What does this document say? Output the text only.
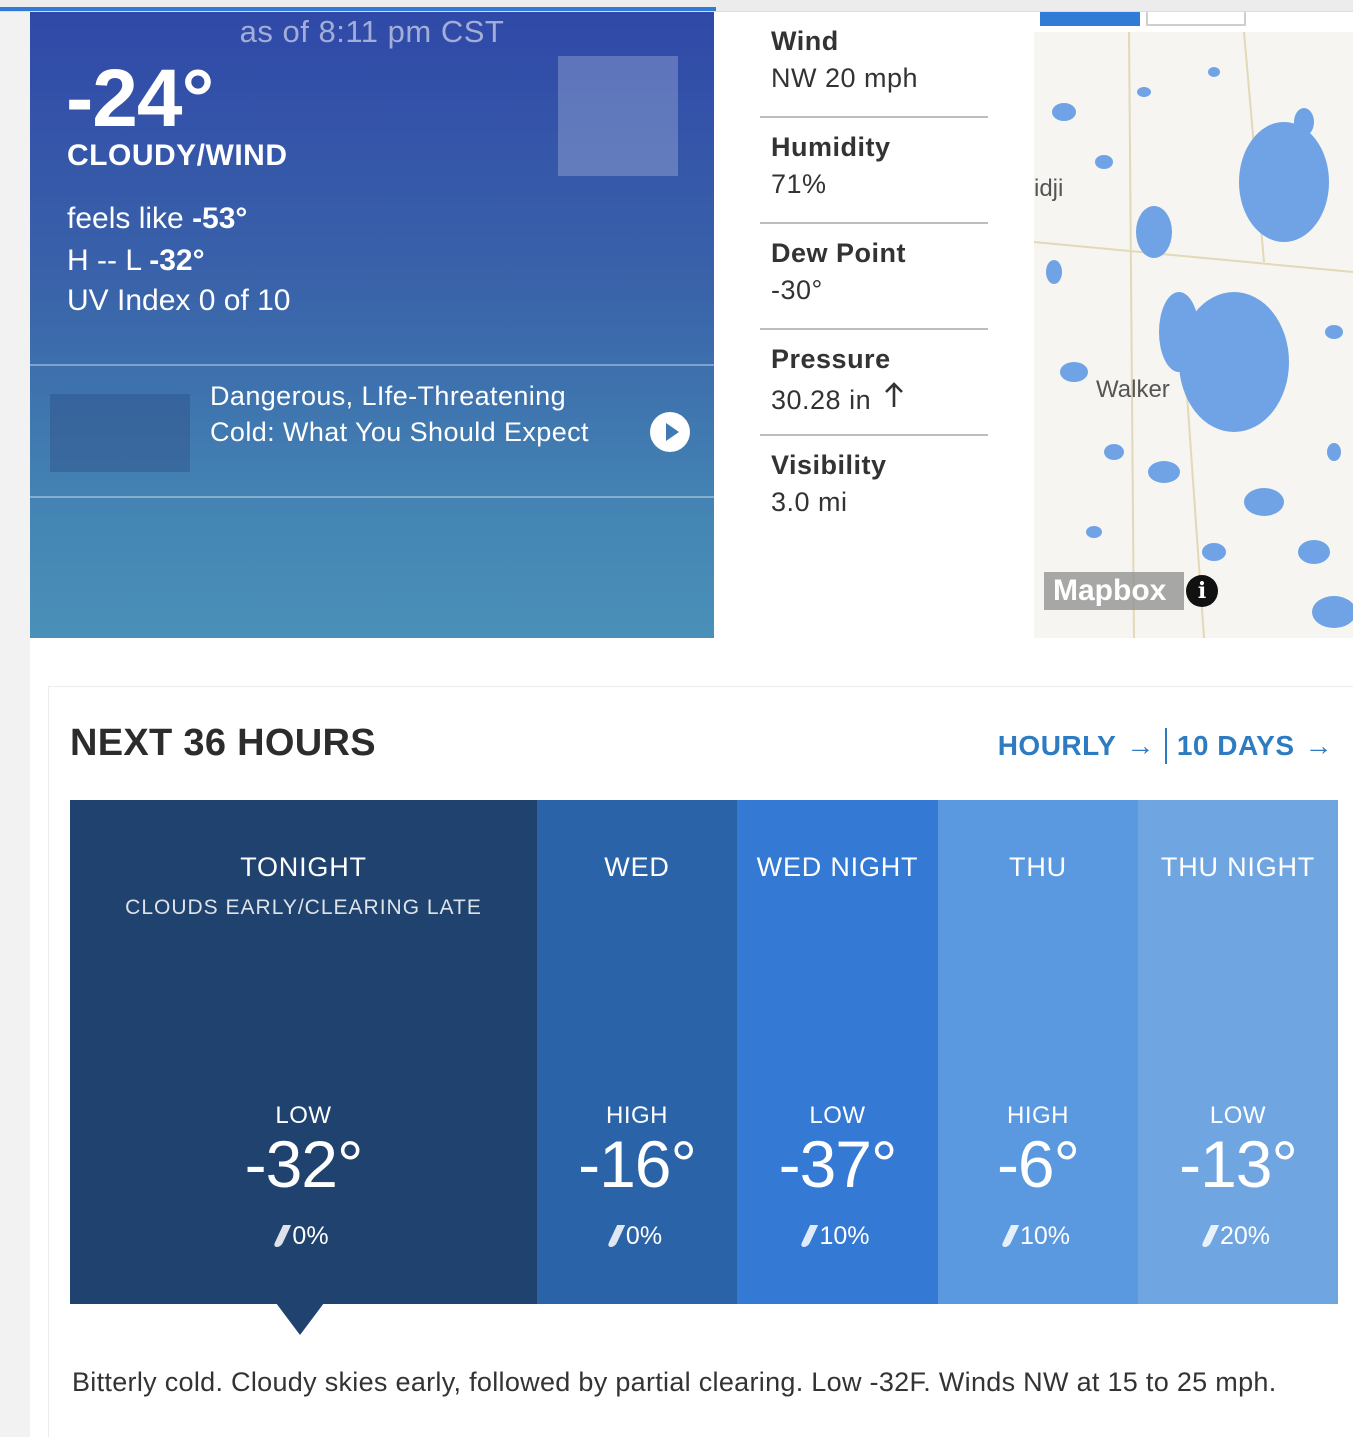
as of 8:11 pm CST
-24°
CLOUDY/WIND
feels like -53°
H -- L -32°
UV Index 0 of 10
Dangerous, LIfe-Threatening Cold: What You Should Expect
Wind
NW 20 mph
Humidity
71%
Dew Point
-30°
Pressure
30.28 in
Visibility
3.0 mi
idji
Walker
Mapbox	i
NEXT 36 HOURS	HOURLY → 10 DAYS →
TONIGHT
CLOUDS EARLY/CLEARING LATE
LOW
-32°
0%
WED
HIGH
-16°
0%
WED NIGHT
LOW
-37°
10%
THU
HIGH
-6°
10%
THU NIGHT
LOW
-13°
20%

Bitterly cold. Cloudy skies early, followed by partial clearing. Low -32F. Winds NW at 15 to 25 mph.
